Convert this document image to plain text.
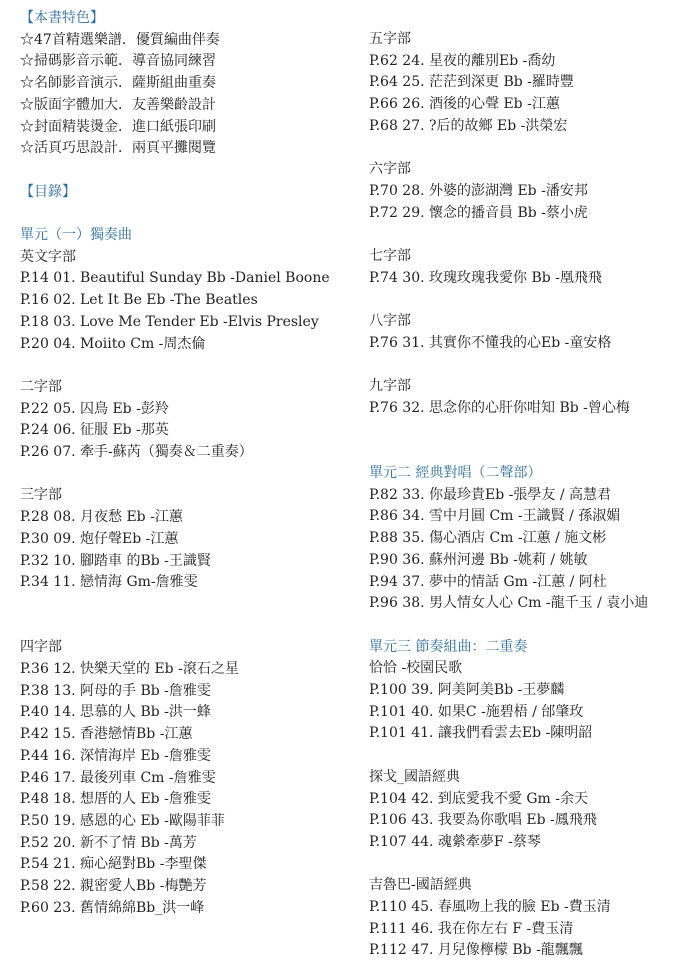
【本書特色】
☆47首精選樂譜．優質編曲伴奏
☆掃碼影音示範．導音協同練習
☆名師影音演示．薩斯組曲重奏
☆版面字體加大．友善樂齡設計
☆封面精裝燙金．進口紙張印刷
☆活頁巧思設計．兩頁平攤閱覽
【目錄】
單元（一）獨奏曲
英文字部
P.14 01. Beautiful Sunday Bb -Daniel Boone
P.16 02. Let It Be Eb -The Beatles
P.18 03. Love Me Tender Eb -Elvis Presley
P.20 04. Moiito Cm -周杰倫
二字部
P.22 05. 囚鳥 Eb -彭羚
P.24 06. 征服 Eb -那英
P.26 07. 牽手-蘇芮（獨奏＆二重奏）
三字部
P.28 08. 月夜愁 Eb -江蕙
P.30 09. 炮仔聲Eb -江蕙
P.32 10. 腳踏車 的Bb -王識賢
P.34 11. 戀情海 Gm-詹雅雯
四字部
P.36 12. 快樂天堂的 Eb -滾石之星
P.38 13. 阿母的手 Bb -詹雅雯
P.40 14. 思慕的人 Bb -洪一蜂
P.42 15. 香港戀情Bb -江蕙
P.44 16. 深情海岸 Eb -詹雅雯
P.46 17. 最後列車 Cm -詹雅雯
P.48 18. 想厝的人 Eb -詹雅雯
P.50 19. 感恩的心 Eb -歐陽菲菲
P.52 20. 新不了情 Bb -萬芳
P.54 21. 痴心絕對Bb -李聖傑
P.58 22. 親密愛人Bb -梅艷芳
P.60 23. 舊情綿綿Bb_洪一峰
五字部
P.62 24. 星夜的離別Eb -喬幼
P.64 25. 茫茫到深更 Bb -羅時豐
P.66 26. 酒後的心聲 Eb -江蕙
P.68 27. ?后的故鄉 Eb -洪榮宏
六字部
P.70 28. 外婆的澎湖灣 Eb -潘安邦
P.72 29. 懷念的播音員 Bb -蔡小虎
七字部
P.74 30. 玫瑰玫瑰我愛你 Bb -凰飛飛
八字部
P.76 31. 其實你不懂我的心Eb -童安格
九字部
P.76 32. 思念你的心肝你咁知 Bb -曾心梅
單元二 經典對唱（二聲部）
P.82 33. 你最珍貴Eb -張學友 / 高慧君
P.86 34. 雪中月圓 Cm -王識賢 / 孫淑媚
P.88 35. 傷心酒店 Cm -江蕙 / 施文彬
P.90 36. 蘇州河邊 Bb -姚莉 / 姚敏
P.94 37. 夢中的情話 Gm -江蕙 / 阿杜
P.96 38. 男人情女人心 Cm -龍千玉 / 袁小迪
單元三 節奏組曲：二重奏
恰恰 -校園民歌
P.100 39. 阿美阿美Bb -王夢麟
P.101 40. 如果C -施碧梧 / 邰肇玫
P.101 41. 讓我們看雲去Eb -陳明韶
探戈_國語經典
P.104 42. 到底愛我不愛 Gm -余天
P.106 43. 我要為你歌唱 Eb -鳳飛飛
P.107 44. 魂縈牽夢F -蔡琴
吉魯巴-國語經典
P.110 45. 春風吻上我的臉 Eb -費玉清
P.111 46. 我在你左右 F -費玉清
P.112 47. 月兒像檸檬 Bb -龍飄飄
